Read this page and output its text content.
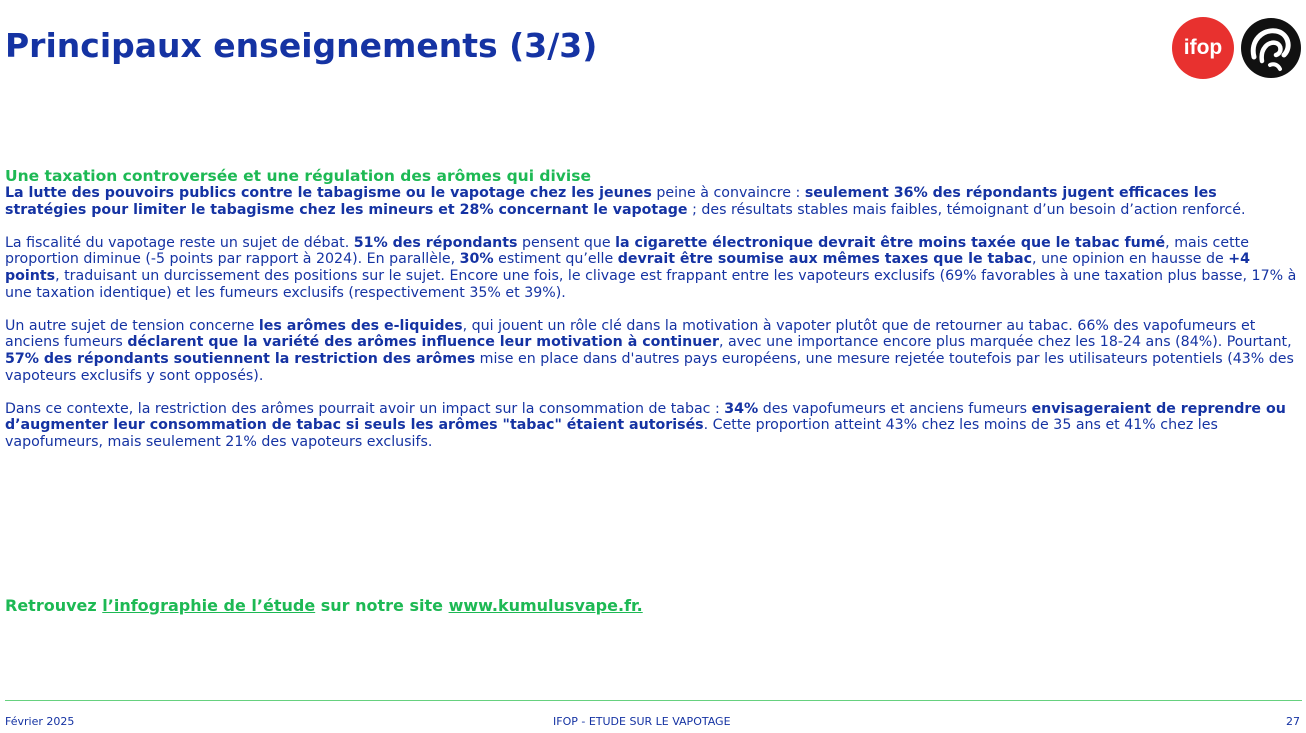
Principaux enseignements (3/3)	ifop

Une taxation controversée et une régulation des arômes qui divise
La lutte des pouvoirs publics contre le tabagisme ou le vapotage chez les jeunes peine à convaincre : seulement 36% des répondants jugent efficaces les stratégies pour limiter le tabagisme chez les mineurs et 28% concernant le vapotage ; des résultats stables mais faibles, témoignant d’un besoin d’action renforcé.

La fiscalité du vapotage reste un sujet de débat. 51% des répondants pensent que la cigarette électronique devrait être moins taxée que le tabac fumé, mais cette proportion diminue (-5 points par rapport à 2024). En parallèle, 30% estiment qu’elle devrait être soumise aux mêmes taxes que le tabac, une opinion en hausse de +4 points, traduisant un durcissement des positions sur le sujet. Encore une fois, le clivage est frappant entre les vapoteurs exclusifs (69% favorables à une taxation plus basse, 17% à une taxation identique) et les fumeurs exclusifs (respectivement 35% et 39%).

Un autre sujet de tension concerne les arômes des e-liquides, qui jouent un rôle clé dans la motivation à vapoter plutôt que de retourner au tabac. 66% des vapofumeurs et anciens fumeurs déclarent que la variété des arômes influence leur motivation à continuer, avec une importance encore plus marquée chez les 18-24 ans (84%). Pourtant, 57% des répondants soutiennent la restriction des arômes mise en place dans d'autres pays européens, une mesure rejetée toutefois par les utilisateurs potentiels (43% des vapoteurs exclusifs y sont opposés).

Dans ce contexte, la restriction des arômes pourrait avoir un impact sur la consommation de tabac : 34% des vapofumeurs et anciens fumeurs envisageraient de reprendre ou d’augmenter leur consommation de tabac si seuls les arômes "tabac" étaient autorisés. Cette proportion atteint 43% chez les moins de 35 ans et 41% chez les vapofumeurs, mais seulement 21% des vapoteurs exclusifs.

Retrouvez l’infographie de l’étude sur notre site www.kumulusvape.fr.
Février 2025	IFOP - ETUDE SUR LE VAPOTAGE	27
